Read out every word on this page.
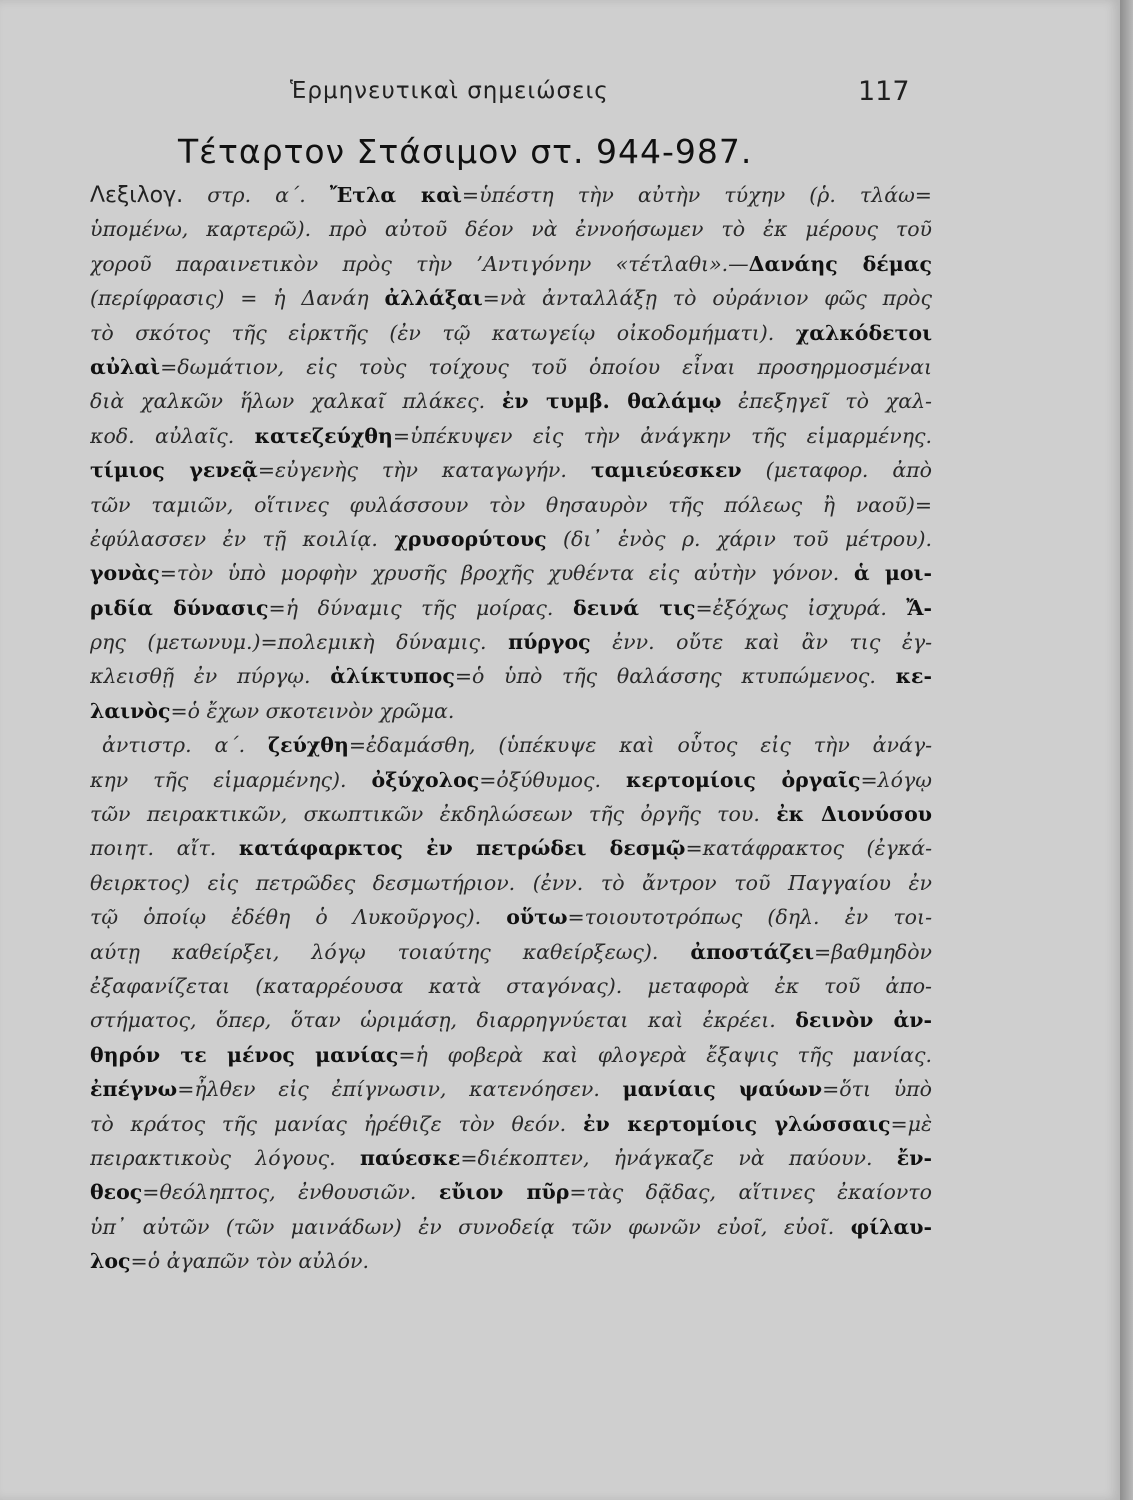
Ἑρμηνευτικαὶ σημειώσεις	117
Τέταρτον Στάσιμον στ. 944-987.
Λεξιλογ. στρ. α΄. Ἔτλα καὶ=ὑπέστη τὴν αὐτὴν τύχην (ῥ. τλάω=
ὑπομένω, καρτερῶ). πρὸ αὐτοῦ δέον νὰ ἐννοήσωμεν τὸ ἐκ μέρους τοῦ
χοροῦ παραινετικὸν πρὸς τὴν ’Αντιγόνην «τέτλαθι».—Δανάης δέμας
(περίφρασις) = ἡ Δανάη ἀλλάξαι=νὰ ἀνταλλάξῃ τὸ οὐράνιον φῶς πρὸς
τὸ σκότος τῆς εἱρκτῆς (ἐν τῷ κατωγείῳ οἰκοδομήματι). χαλκόδετοι
αὐλαὶ=δωμάτιον, εἰς τοὺς τοίχους τοῦ ὁποίου εἶναι προσηρμοσμέναι
διὰ χαλκῶν ἥλων χαλκαῖ πλάκες. ἐν τυμβ. θαλάμῳ ἐπεξηγεῖ τὸ χαλ-
κοδ. αὐλαῖς. κατεζεύχθη=ὑπέκυψεν εἰς τὴν ἀνάγκην τῆς εἱμαρμένης.
τίμιος γενεᾷ=εὐγενὴς τὴν καταγωγήν. ταμιεύεσκεν (μεταφορ. ἀπὸ
τῶν ταμιῶν, οἵτινες φυλάσσουν τὸν θησαυρὸν τῆς πόλεως ἢ ναοῦ)=
ἐφύλασσεν ἐν τῇ κοιλίᾳ. χρυσορύτους (δι᾽ ἑνὸς ρ. χάριν τοῦ μέτρου).
γονὰς=τὸν ὑπὸ μορφὴν χρυσῆς βροχῆς χυθέντα εἰς αὐτὴν γόνον. ἁ μοι-
ριδία δύνασις=ἡ δύναμις τῆς μοίρας. δεινά τις=ἐξόχως ἰσχυρά. Ἄ-
ρης (μετωνυμ.)=πολεμικὴ δύναμις. πύργος ἐνν. οὔτε καὶ ἂν τις ἐγ-
κλεισθῇ ἐν πύργῳ. ἁλίκτυπος=ὁ ὑπὸ τῆς θαλάσσης κτυπώμενος. κε-
λαινὸς=ὁ ἔχων σκοτεινὸν χρῶμα.
ἀντιστρ. α΄. ζεύχθη=ἐδαμάσθη, (ὑπέκυψε καὶ οὗτος εἰς τὴν ἀνάγ-
κην τῆς εἱμαρμένης). ὀξύχολος=ὀξύθυμος. κερτομίοις ὀργαῖς=λόγῳ
τῶν πειρακτικῶν, σκωπτικῶν ἐκδηλώσεων τῆς ὀργῆς του. ἐκ Διονύσου
ποιητ. αἴτ. κατάφαρκτος ἐν πετρώδει δεσμῷ=κατάφρακτος (ἐγκά-
θειρκτος) εἰς πετρῶδες δεσμωτήριον. (ἐνν. τὸ ἄντρον τοῦ Παγγαίου ἐν
τῷ ὁποίῳ ἐδέθη ὁ Λυκοῦργος). οὕτω=τοιουτοτρόπως (δηλ. ἐν τοι-
αύτῃ καθείρξει, λόγῳ τοιαύτης καθείρξεως). ἀποστάζει=βαθμηδὸν
ἐξαφανίζεται (καταρρέουσα κατὰ σταγόνας). μεταφορὰ ἐκ τοῦ ἀπο-
στήματος, ὅπερ, ὅταν ὡριμάσῃ, διαρρηγνύεται καὶ ἐκρέει. δεινὸν ἀν-
θηρόν τε μένος μανίας=ἡ φοβερὰ καὶ φλογερὰ ἔξαψις τῆς μανίας.
ἐπέγνω=ἦλθεν εἰς ἐπίγνωσιν, κατενόησεν. μανίαις ψαύων=ὅτι ὑπὸ
τὸ κράτος τῆς μανίας ἠρέθιζε τὸν θεόν. ἐν κερτομίοις γλώσσαις=μὲ
πειρακτικοὺς λόγους. παύεσκε=διέκοπτεν, ἠνάγκαζε νὰ παύουν. ἔν-
θεος=θεόληπτος, ἐνθουσιῶν. εὔιον πῦρ=τὰς δᾷδας, αἵτινες ἐκαίοντο
ὑπ᾽ αὐτῶν (τῶν μαινάδων) ἐν συνοδείᾳ τῶν φωνῶν εὐοῖ, εὐοῖ. φίλαυ-
λος=ὁ ἀγαπῶν τὸν αὐλόν.
